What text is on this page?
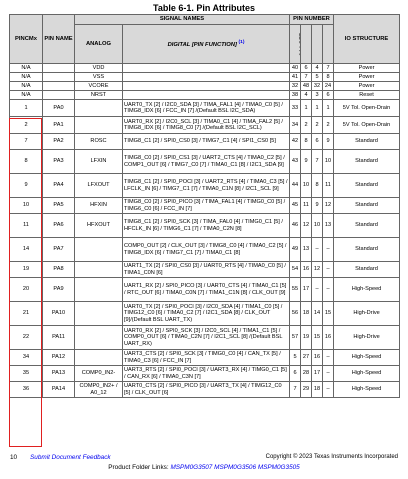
Table 6-1. Pin Attributes
PINCMx	PIN NAME	SIGNAL NAMES		PIN NUMBER				IO STRUCTURE
		ANALOG	DIGITAL [PIN FUNCTION] $^{(1)}$				
N/A		VDD		40	6	4	7	Power
N/A		VSS		41	7	5	8	Power
N/A		VCORE		32	48	32	24	Power
N/A		NRST		38	4	3	6	Reset
1	PA0		UART0_TX [2] / I2C0_SDA [3] / TIMA_FAL1 [4] / TIMA0_C0 [5] / TIMG8_IDX [6] / FCC_IN [7] /(Default BSL I2C_SDA)	33	1	1	1	5V Tol. Open-Drain
2	PA1		UART0_RX [2] / I2C0_SCL [3] / TIMA0_C1 [4] / TIMA_FAL2 [5] / TIMG8_IDX [6] / TIMG8_C0 [7] /(Default BSL I2C_SCL)	34	2	2	2	5V Tol. Open-Drain
7	PA2	ROSC	TIMG8_C1 [2] / SPI0_CS0 [3] / TIMG7_C1 [4] / SPI1_CS0 [5]	42	8	6	9	Standard
8	PA3	LFXIN	TIMG8_C0 [2] / SPI0_CS1 [3] / UART2_CTS [4] / TIMA0_C2 [5] / COMP1_OUT [6] / TIMG7_C0 [7] / TIMA0_C1 [8] / I2C1_SDA [9]	43	9	7	10	Standard
9	PA4	LFXOUT	TIMG8_C1 [2] / SPI0_POCI [3] / UART2_RTS [4] / TIMA0_C3 [5] / LFCLK_IN [6] / TIMG7_C1 [7] / TIMA0_C1N [8] / I2C1_SCL [9]	44	10	8	11	Standard
10	PA5	HFXIN	TIMG8_C0 [2] / SPI0_PICO [3] / TIMA_FAL1 [4] / TIMG0_C0 [5] / TIMG6_C0 [6] / FCC_IN [7]	45	11	9	12	Standard
11	PA6	HFXOUT	TIMG8_C1 [2] / SPI0_SCK [3] / TIMA_FAL0 [4] / TIMG0_C1 [5] / HFCLK_IN [6] / TIMG6_C1 [7] / TIMA0_C2N [8]	46	12	10	13	Standard
14	PA7		COMP0_OUT [2] / CLK_OUT [3] / TIMG8_C0 [4] / TIMA0_C2 [5] / TIMG8_IDX [6] / TIMG7_C1 [7] / TIMA0_C1 [8]	49	13	–	–	Standard
19	PA8		UART1_TX [2] / SPI0_CS0 [3] / UART0_RTS [4] / TIMA0_C0 [5] / TIMA1_C0N [6]	54	16	12	–	Standard
20	PA9		UART1_RX [2] / SPI0_PICO [3] / UART0_CTS [4] / TIMA0_C1 [5] / RTC_OUT [6] / TIMA0_C0N [7] / TIMA1_C1N [8] / CLK_OUT [9]	55	17	–	–	High-Speed
21	PA10		UART0_TX [2] / SPI0_POCI [3] / I2C0_SDA [4] / TIMA1_C0 [5] / TIMG12_C0 [6] / TIMA0_C2 [7] / I2C1_SDA [8] / CLK_OUT [9]/(Default BSL UART_TX)	56	18	14	15	High-Drive
22	PA11		UART0_RX [2] / SPI0_SCK [3] / I2C0_SCL [4] / TIMA1_C1 [5] / COMP0_OUT [6] / TIMA0_C2N [7] / I2C1_SCL [8] /(Default BSL UART_RX)	57	19	15	16	High-Drive
34	PA12		UART3_CTS [2] / SPI0_SCK [3] / TIMG0_C0 [4] / CAN_TX [5] / TIMA0_C3 [6] / FCC_IN [7]	5	27	16	–	High-Speed
35	PA13	COMP0_IN2-	UART3_RTS [2] / SPI0_POCI [3] / UART3_RX [4] / TIMG0_C1 [5] / CAN_RX [6] / TIMA0_C3N [7]	6	28	17	–	High-Speed
36	PA14	COMP0_IN2+ / A0_12	UART0_CTS [2] / SPI0_PICO [3] / UART3_TX [4] / TIMG12_C0 [5] / CLK_OUT [6]	7	29	18	–	High-Speed
10 Submit Document Feedback	Copyright © 2023 Texas Instruments Incorporated
Product Folder Links: MSPM0G3507 MSPM0G3506 MSPM0G3505
